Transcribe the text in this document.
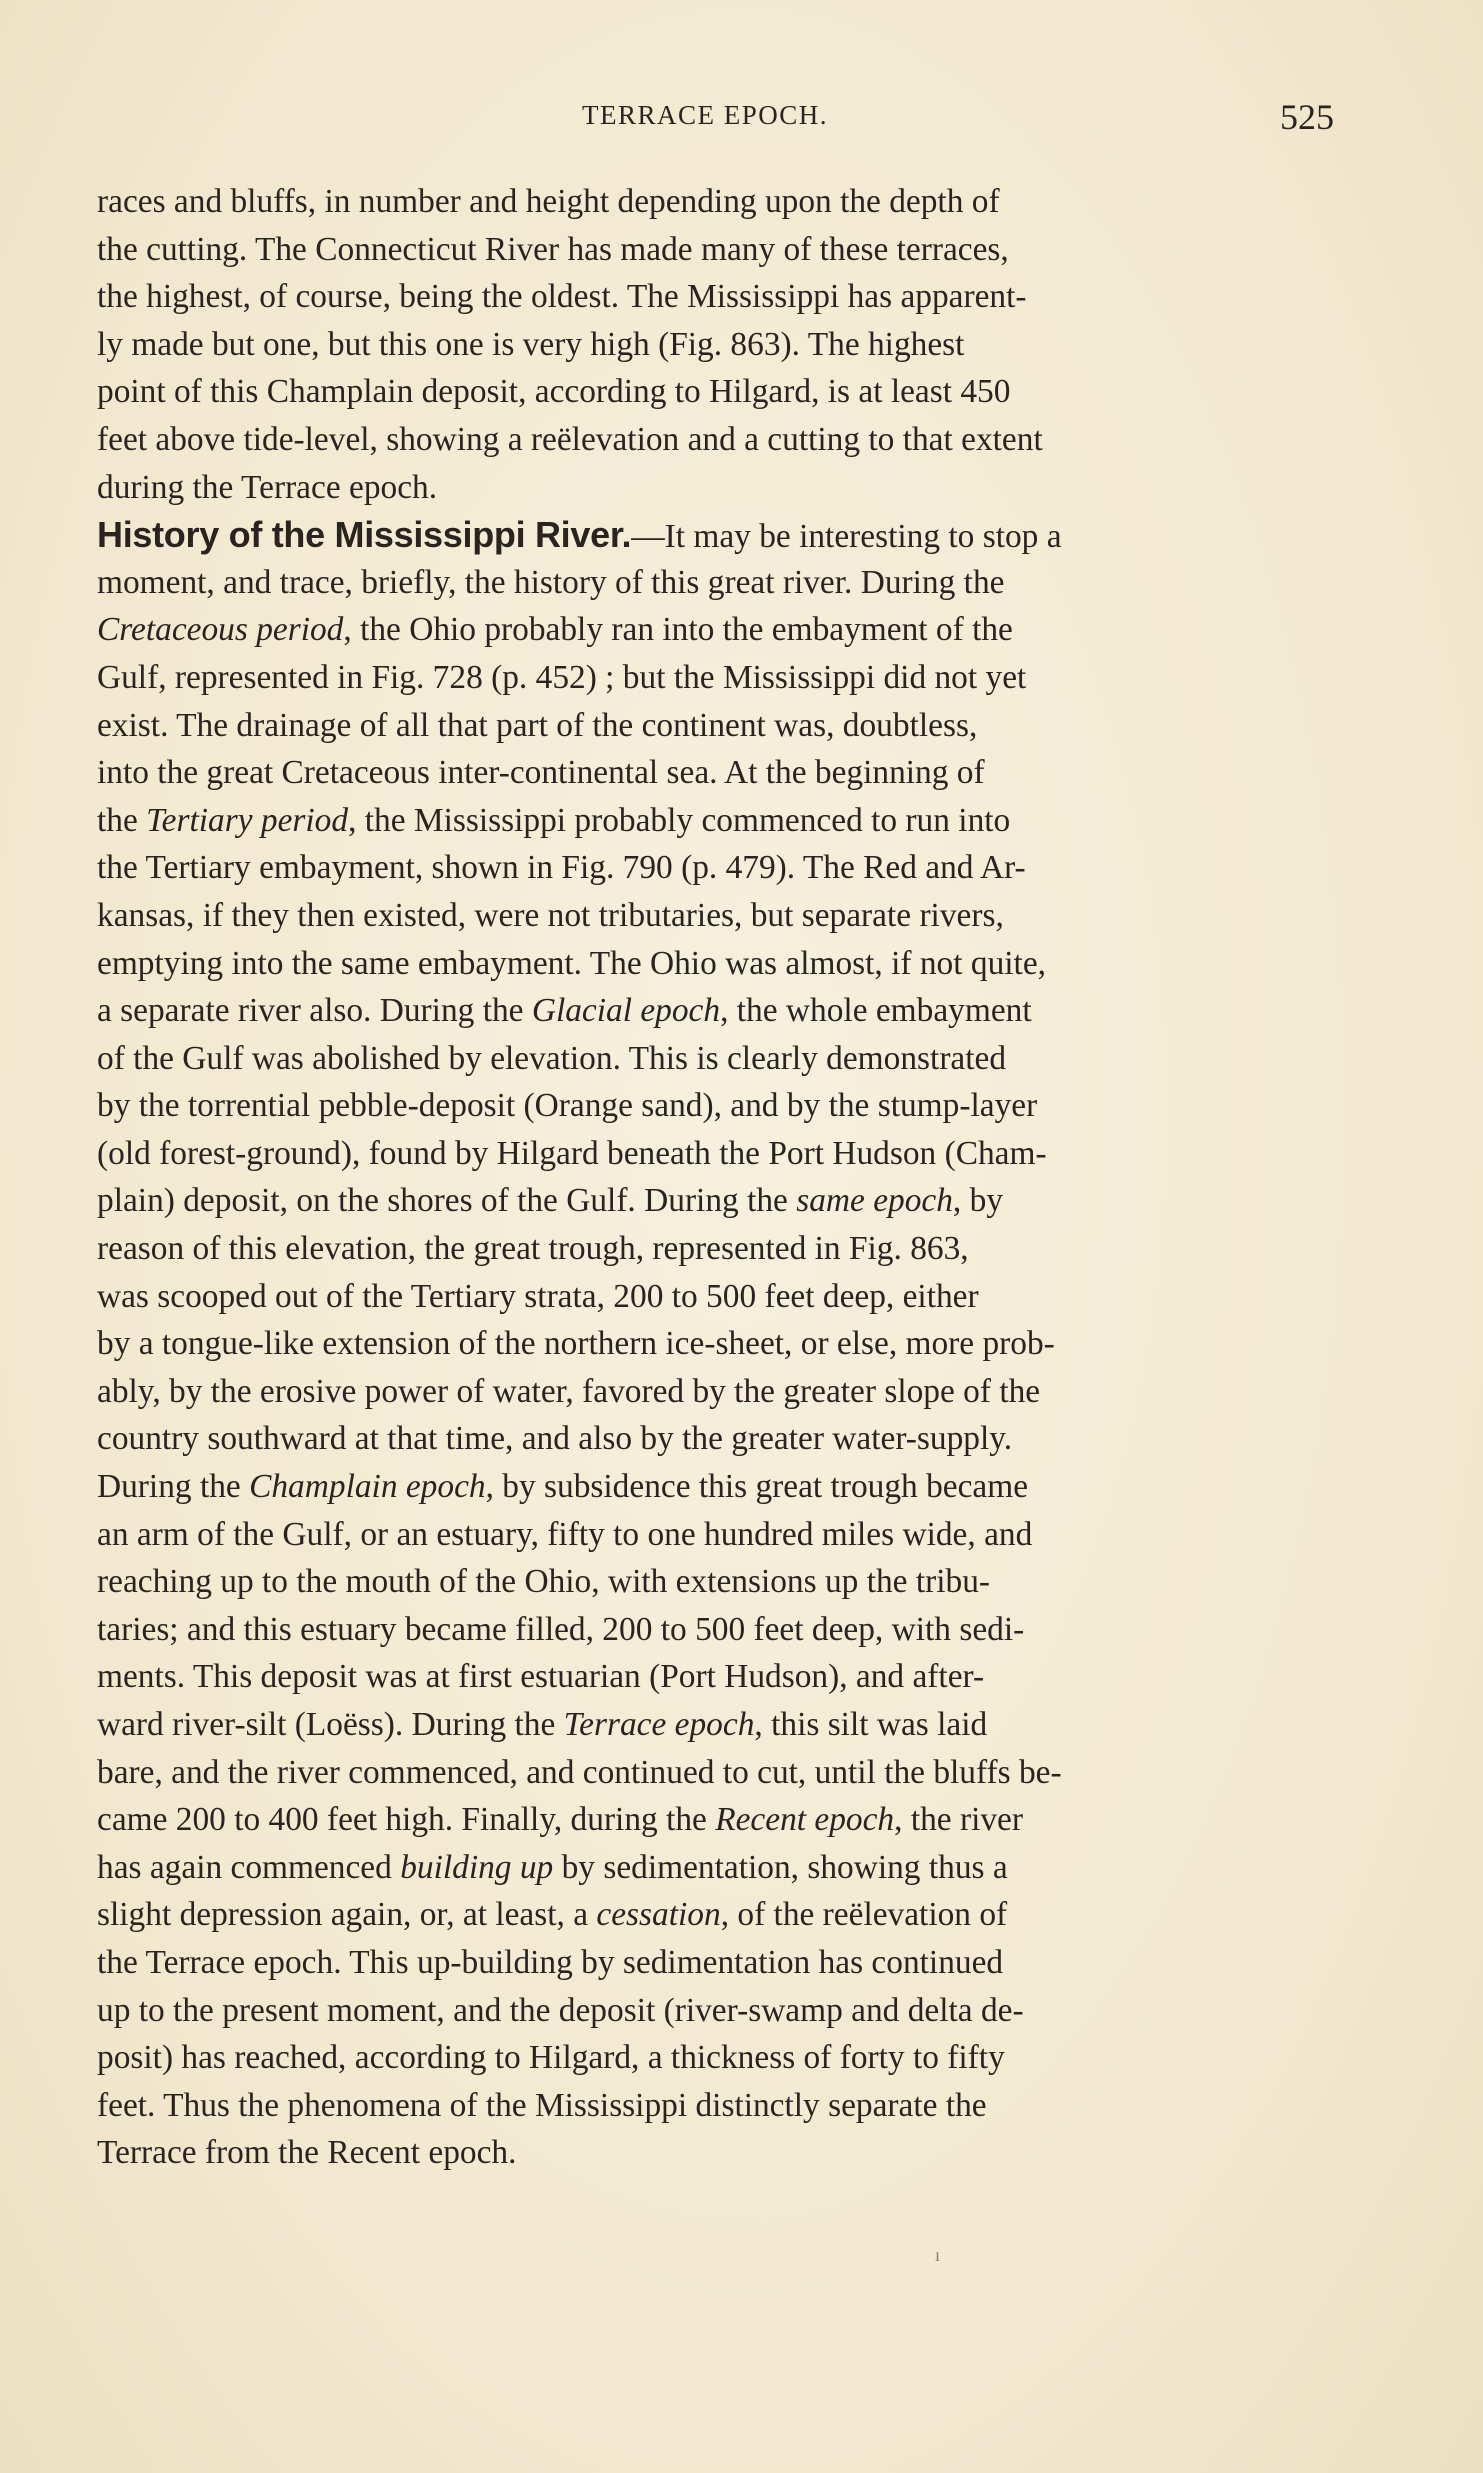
TERRACE EPOCH.	525
races and bluffs, in number and height depending upon the depth of
the cutting. The Connecticut River has made many of these terraces,
the highest, of course, being the oldest. The Mississippi has apparent-
ly made but one, but this one is very high (Fig. 863). The highest
point of this Champlain deposit, according to Hilgard, is at least 450
feet above tide-level, showing a reëlevation and a cutting to that extent
during the Terrace epoch.
History of the Mississippi River.—It may be interesting to stop a
moment, and trace, briefly, the history of this great river. During the
Cretaceous period, the Ohio probably ran into the embayment of the
Gulf, represented in Fig. 728 (p. 452) ; but the Mississippi did not yet
exist. The drainage of all that part of the continent was, doubtless,
into the great Cretaceous inter-continental sea. At the beginning of
the Tertiary period, the Mississippi probably commenced to run into
the Tertiary embayment, shown in Fig. 790 (p. 479). The Red and Ar-
kansas, if they then existed, were not tributaries, but separate rivers,
emptying into the same embayment. The Ohio was almost, if not quite,
a separate river also. During the Glacial epoch, the whole embayment
of the Gulf was abolished by elevation. This is clearly demonstrated
by the torrential pebble-deposit (Orange sand), and by the stump-layer
(old forest-ground), found by Hilgard beneath the Port Hudson (Cham-
plain) deposit, on the shores of the Gulf. During the same epoch, by
reason of this elevation, the great trough, represented in Fig. 863,
was scooped out of the Tertiary strata, 200 to 500 feet deep, either
by a tongue-like extension of the northern ice-sheet, or else, more prob-
ably, by the erosive power of water, favored by the greater slope of the
country southward at that time, and also by the greater water-supply.
During the Champlain epoch, by subsidence this great trough became
an arm of the Gulf, or an estuary, fifty to one hundred miles wide, and
reaching up to the mouth of the Ohio, with extensions up the tribu-
taries; and this estuary became filled, 200 to 500 feet deep, with sedi-
ments. This deposit was at first estuarian (Port Hudson), and after-
ward river-silt (Loëss). During the Terrace epoch, this silt was laid
bare, and the river commenced, and continued to cut, until the bluffs be-
came 200 to 400 feet high. Finally, during the Recent epoch, the river
has again commenced building up by sedimentation, showing thus a
slight depression again, or, at least, a cessation, of the reëlevation of
the Terrace epoch. This up-building by sedimentation has continued
up to the present moment, and the deposit (river-swamp and delta de-
posit) has reached, according to Hilgard, a thickness of forty to fifty
feet. Thus the phenomena of the Mississippi distinctly separate the
Terrace from the Recent epoch.
ı
